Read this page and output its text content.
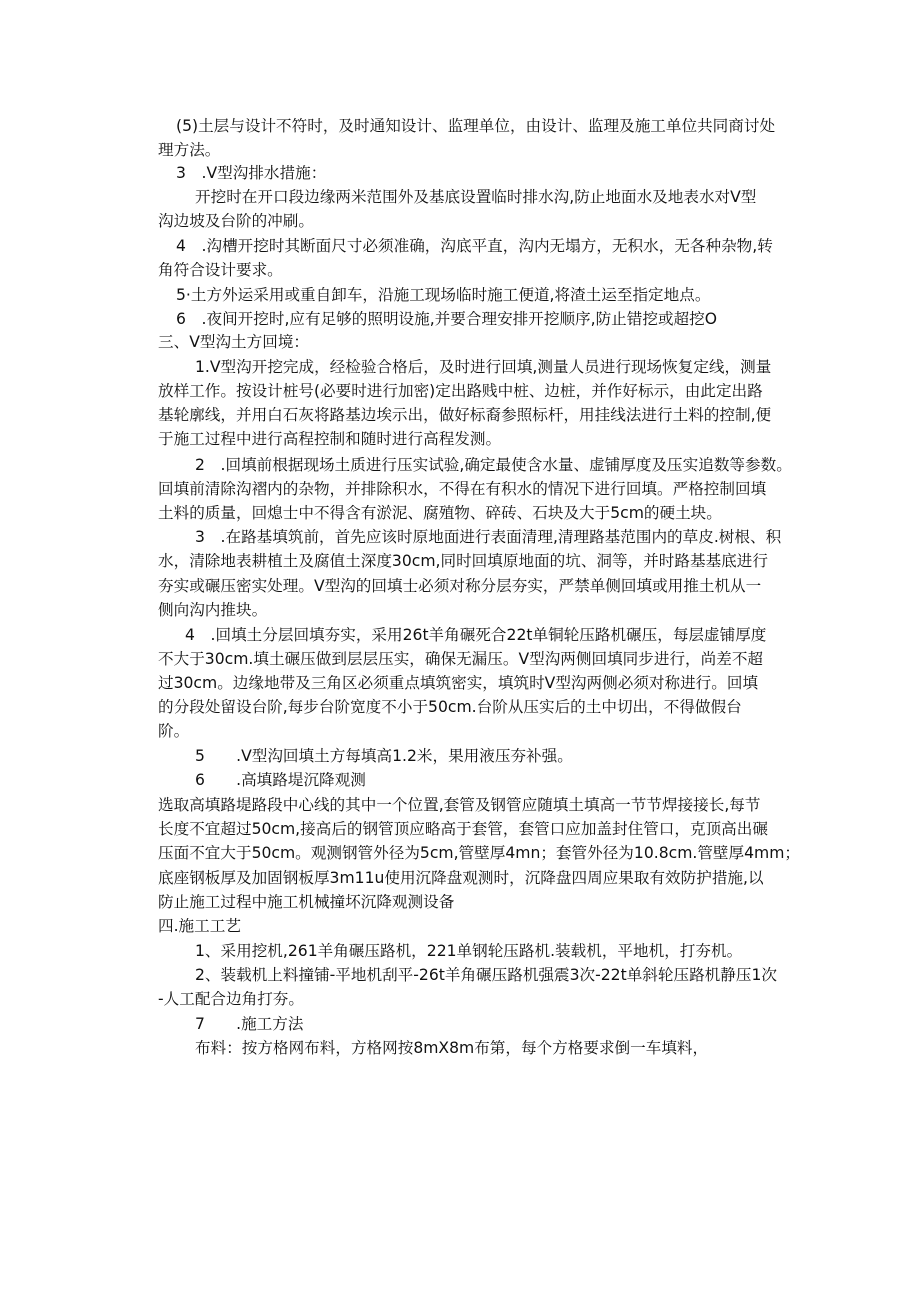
(5)土层与设计不符时，及时通知设计、监理单位，由设计、监理及施工单位共同商讨处
理方法。
3　.V型沟排水措施：
开挖时在开口段边缘两米范围外及基底设置临时排水沟,防止地面水及地表水对V型
沟边坡及台阶的冲刷。
4　.沟槽开挖时其断面尺寸必须准确，沟底平直，沟内无塌方，无积水，无各种杂物,转
角符合设计要求。
5·土方外运采用或重自卸车，沿施工现场临时施工便道,将渣土运至指定地点。
6　.夜间开挖时,应有足够的照明设施,并要合理安排开挖顺序,防止错挖或超挖O
三、V型沟土方回境：
1.V型沟开挖完成，经检验合格后，及时进行回填,测量人员进行现场恢复定线，测量
放样工作。按设计桩号(必要时进行加密)定出路贱中桩、边桩，并作好标示，由此定出路
基轮廓线，并用白石灰将路基边埃示出，做好标裔参照标杆，用挂线法进行土料的控制,便
于施工过程中进行高程控制和随时进行高程发测。
2　.回填前根据现场土质进行压实试验,确定最使含水量、虚铺厚度及压实追数等参数。
回填前清除沟褶内的杂物，并排除积水，不得在有积水的情况下进行回填。严格控制回填
土料的质量，回熄士中不得含有淤泥、腐殖物、碎砖、石块及大于5cm的硬土块。
3　.在路基填筑前，首先应该时原地面进行表面清理,清理路基范围内的草皮.树根、积
水，清除地表耕植土及腐值土深度30cm,同时回填原地面的坑、洞等，并时路基基底进行
夯实或碾压密实处理。V型沟的回填士必须对称分层夯实，严禁单侧回填或用推土机从一
侧向沟内推块。
4　.回填土分层回填夯实，采用26t羊角碾死合22t单铜轮压路机碾压，每层虚铺厚度
不大于30cm.填土碾压做到层层压实，确保无漏压。V型沟两侧回填同步进行，尚差不超
过30cm。边缘地带及三角区必须重点填筑密实，填筑时V型沟两侧必须对称进行。回填
的分段处留设台阶,每步台阶宽度不小于50cm.台阶从压实后的土中切出，不得做假台
阶。
5　　.V型沟回填土方每填高1.2米，果用液压夯补强。
6　　.高填路堤沉降观测
选取高填路堤路段中心线的其中一个位置,套管及钢管应随填土填高一节节焊接接长,每节
长度不宜超过50cm,接高后的钢管顶应略高于套管，套管口应加盖封住管口，克顶高出碾
压面不宜大于50cm。观测钢管外径为5cm,管壁厚4mn；套管外径为10.8cm.管壁厚4mm；
底座钢板厚及加固钢板厚3m11u使用沉降盘观测时，沉降盘四周应果取有效防护措施,以
防止施工过程中施工机械撞坏沉降观测设备
四.施工工艺
1、采用挖机,261羊角碾压路机，221单钢轮压路机.装载机，平地机，打夯机。
2、装载机上料撞铺-平地机刮平-26t羊角碾压路机强震3次-22t单斜轮压路机静压1次
-人工配合边角打夯。
7　　.施工方法
布料：按方格网布料，方格网按8mX8m布第，每个方格要求倒一车填料，
